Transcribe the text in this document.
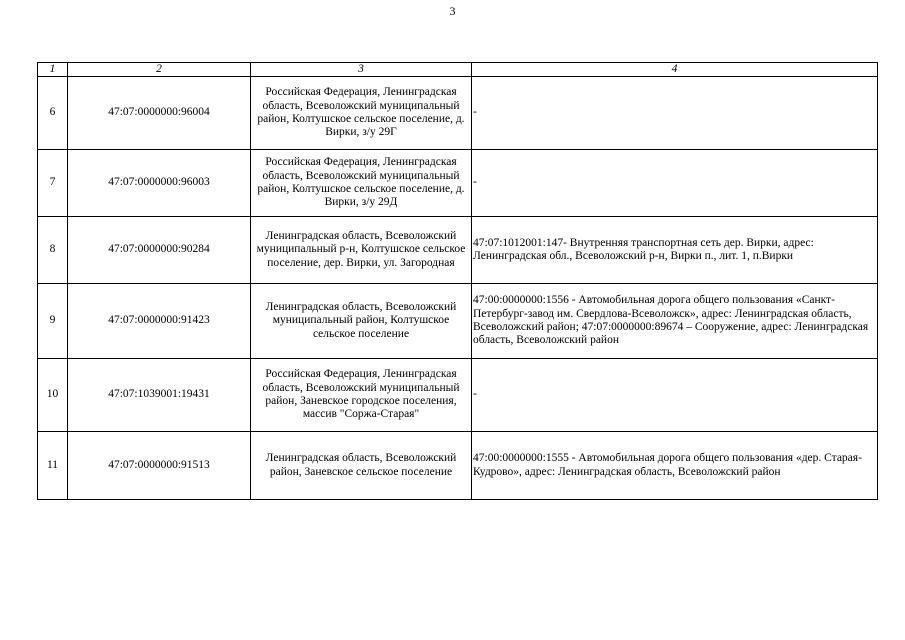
3
1	2	3	4
6	47:07:0000000:96004	Российская Федерация, Ленинградская область, Всеволожский муниципальный район, Колтушское сельское поселение, д. Вирки, з/у 29Г	-
7	47:07:0000000:96003	Российская Федерация, Ленинградская область, Всеволожский муниципальный район, Колтушское сельское поселение, д. Вирки, з/у 29Д	-
8	47:07:0000000:90284	Ленинградская область, Всеволожский муниципальный р-н, Колтушское сельское поселение, дер. Вирки, ул. Загородная	47:07:1012001:147- Внутренняя транспортная сеть дер. Вирки, адрес: Ленинградская обл., Всеволожский р-н, Вирки п., лит. 1, п.Вирки
9	47:07:0000000:91423	Ленинградская область, Всеволожский муниципальный район, Колтушское сельское поселение	47:00:0000000:1556 - Автомобильная дорога общего пользования «Санкт-Петербург-завод им. Свердлова-Всеволожск», адрес: Ленинградская область, Всеволожский район; 47:07:0000000:89674 – Сооружение, адрес: Ленинградская область, Всеволожский район
10	47:07:1039001:19431	Российская Федерация, Ленинградская область, Всеволожский муниципальный район, Заневское городское поселения, массив "Соржа-Старая"	-
11	47:07:0000000:91513	Ленинградская область, Всеволожский район, Заневское сельское поселение	47:00:0000000:1555 - Автомобильная дорога общего пользования «дер. Старая-Кудрово», адрес: Ленинградская область, Всеволожский район
